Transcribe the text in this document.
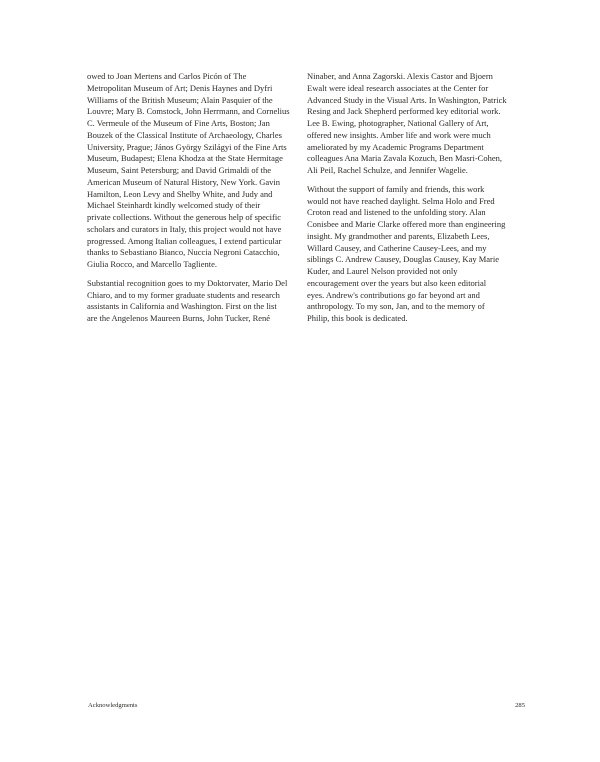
owed to Joan Mertens and Carlos Picón of The
Metropolitan Museum of Art; Denis Haynes and Dyfri
Williams of the British Museum; Alain Pasquier of the
Louvre; Mary B. Comstock, John Herrmann, and Cornelius
C. Vermeule of the Museum of Fine Arts, Boston; Jan
Bouzek of the Classical Institute of Archaeology, Charles
University, Prague; János György Szilágyi of the Fine Arts
Museum, Budapest; Elena Khodza at the State Hermitage
Museum, Saint Petersburg; and David Grimaldi of the
American Museum of Natural History, New York. Gavin
Hamilton, Leon Levy and Shelby White, and Judy and
Michael Steinhardt kindly welcomed study of their
private collections. Without the generous help of specific
scholars and curators in Italy, this project would not have
progressed. Among Italian colleagues, I extend particular
thanks to Sebastiano Bianco, Nuccia Negroni Catacchio,
Giulia Rocco, and Marcello Tagliente.
Substantial recognition goes to my Doktorvater, Mario Del
Chiaro, and to my former graduate students and research
assistants in California and Washington. First on the list
are the Angelenos Maureen Burns, John Tucker, René
Ninaber, and Anna Zagorski. Alexis Castor and Bjoern
Ewalt were ideal research associates at the Center for
Advanced Study in the Visual Arts. In Washington, Patrick
Resing and Jack Shepherd performed key editorial work.
Lee B. Ewing, photographer, National Gallery of Art,
offered new insights. Amber life and work were much
ameliorated by my Academic Programs Department
colleagues Ana Maria Zavala Kozuch, Ben Masri-Cohen,
Ali Peil, Rachel Schulze, and Jennifer Wagelie.
Without the support of family and friends, this work
would not have reached daylight. Selma Holo and Fred
Croton read and listened to the unfolding story. Alan
Conisbee and Marie Clarke offered more than engineering
insight. My grandmother and parents, Elizabeth Lees,
Willard Causey, and Catherine Causey-Lees, and my
siblings C. Andrew Causey, Douglas Causey, Kay Marie
Kuder, and Laurel Nelson provided not only
encouragement over the years but also keen editorial
eyes. Andrew's contributions go far beyond art and
anthropology. To my son, Jan, and to the memory of
Philip, this book is dedicated.
Acknowledgments	285
